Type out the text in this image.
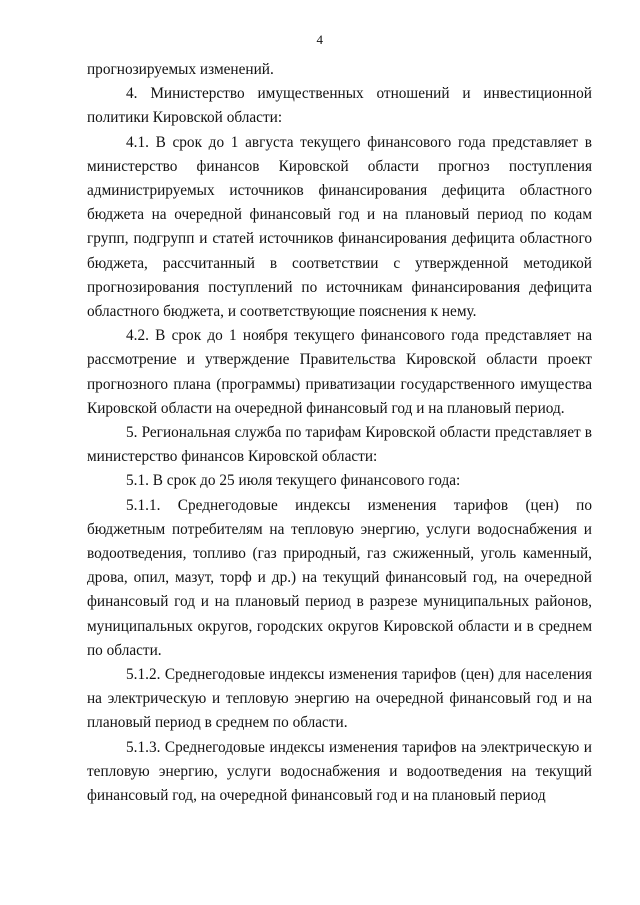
4

прогнозируемых изменений.

4. Министерство имущественных отношений и инвестиционной политики Кировской области:

4.1. В срок до 1 августа текущего финансового года представляет в министерство финансов Кировской области прогноз поступления администрируемых источников финансирования дефицита областного бюджета на очередной финансовый год и на плановый период по кодам групп, подгрупп и статей источников финансирования дефицита областного бюджета, рассчитанный в соответствии с утвержденной методикой прогнозирования поступлений по источникам финансирования дефицита областного бюджета, и соответствующие пояснения к нему.

4.2. В срок до 1 ноября текущего финансового года представляет на рассмотрение и утверждение Правительства Кировской области проект прогнозного плана (программы) приватизации государственного имущества Кировской области на очередной финансовый год и на плановый период.

5. Региональная служба по тарифам Кировской области представляет в министерство финансов Кировской области:

5.1. В срок до 25 июля текущего финансового года:

5.1.1. Среднегодовые индексы изменения тарифов (цен) по бюджетным потребителям на тепловую энергию, услуги водоснабжения и водоотведения, топливо (газ природный, газ сжиженный, уголь каменный, дрова, опил, мазут, торф и др.) на текущий финансовый год, на очередной финансовый год и на плановый период в разрезе муниципальных районов, муниципальных округов, городских округов Кировской области и в среднем по области.

5.1.2. Среднегодовые индексы изменения тарифов (цен) для населения на электрическую и тепловую энергию на очередной финансовый год и на плановый период в среднем по области.

5.1.3. Среднегодовые индексы изменения тарифов на электрическую и тепловую энергию, услуги водоснабжения и водоотведения на текущий финансовый год, на очередной финансовый год и на плановый период
